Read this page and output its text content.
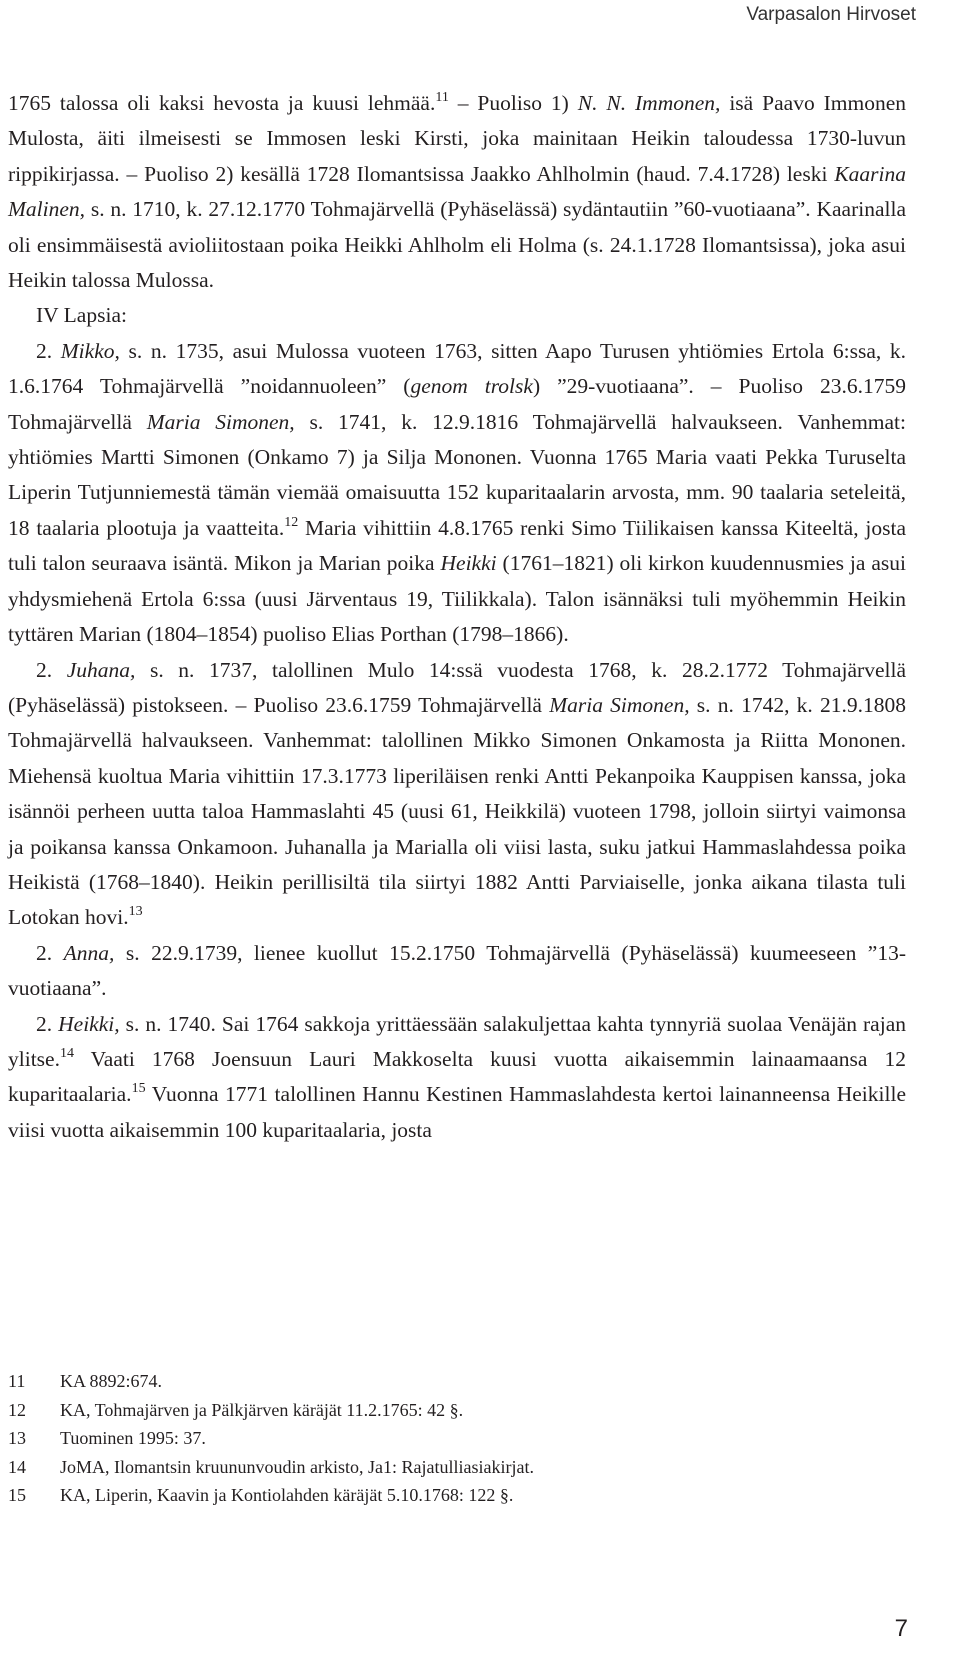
Varpasalon Hirvoset

1765 talossa oli kaksi hevosta ja kuusi lehmää.$^{11}$ – Puoliso 1) N. N. Immonen, isä Paavo Immonen Mulosta, äiti ilmeisesti se Immosen leski Kirsti, joka mainitaan Heikin taloudessa 1730-luvun rippikirjassa. – Puoliso 2) kesällä 1728 Ilomantsissa Jaakko Ahlholmin (haud. 7.4.1728) leski Kaarina Malinen, s. n. 1710, k. 27.12.1770 Tohmajärvellä (Pyhäselässä) sydäntautiin ”60-vuotiaana”. Kaarinalla oli ensimmäisestä avioliitostaan poika Heikki Ahlholm eli Holma (s. 24.1.1728 Ilomantsissa), joka asui Heikin talossa Mulossa.

IV Lapsia:

2. Mikko, s. n. 1735, asui Mulossa vuoteen 1763, sitten Aapo Turusen yhtiömies Ertola 6:ssa, k. 1.6.1764 Tohmajärvellä ”noidannuoleen” (genom trolsk) ”29-vuotiaana”. – Puoliso 23.6.1759 Tohmajärvellä Maria Simonen, s. 1741, k. 12.9.1816 Tohmajärvellä halvaukseen. Vanhemmat: yhtiömies Martti Simonen (Onkamo 7) ja Silja Mononen. Vuonna 1765 Maria vaati Pekka Turuselta Liperin Tutjunniemestä tämän viemää omaisuutta 152 kuparitaalarin arvosta, mm. 90 taalaria seteleitä, 18 taalaria plootuja ja vaatteita.$^{12}$ Maria vihittiin 4.8.1765 renki Simo Tiilikaisen kanssa Kiteeltä, josta tuli talon seuraava isäntä. Mikon ja Marian poika Heikki (1761–1821) oli kirkon kuudennusmies ja asui yhdysmiehenä Ertola 6:ssa (uusi Järventaus 19, Tiilikkala). Talon isännäksi tuli myöhemmin Heikin tyttären Marian (1804–1854) puoliso Elias Porthan (1798–1866).

2. Juhana, s. n. 1737, talollinen Mulo 14:ssä vuodesta 1768, k. 28.2.1772 Tohmajärvellä (Pyhäselässä) pistokseen. – Puoliso 23.6.1759 Tohmajärvellä Maria Simonen, s. n. 1742, k. 21.9.1808 Tohmajärvellä halvaukseen. Vanhemmat: talollinen Mikko Simonen Onkamosta ja Riitta Mononen. Miehensä kuoltua Maria vihittiin 17.3.1773 liperiläisen renki Antti Pekanpoika Kauppisen kanssa, joka isännöi perheen uutta taloa Hammaslahti 45 (uusi 61, Heikkilä) vuoteen 1798, jolloin siirtyi vaimonsa ja poikansa kanssa Onkamoon. Juhanalla ja Marialla oli viisi lasta, suku jatkui Hammaslahdessa poika Heikistä (1768–1840). Heikin perillisiltä tila siirtyi 1882 Antti Parviaiselle, jonka aikana tilasta tuli Lotokan hovi.$^{13}$

2. Anna, s. 22.9.1739, lienee kuollut 15.2.1750 Tohmajärvellä (Pyhäselässä) kuumeeseen ”13-vuotiaana”.

2. Heikki, s. n. 1740. Sai 1764 sakkoja yrittäessään salakuljettaa kahta tynnyriä suolaa Venäjän rajan ylitse.$^{14}$ Vaati 1768 Joensuun Lauri Makkoselta kuusi vuotta aikaisemmin lainaamaansa 12 kuparitaalaria.$^{15}$ Vuonna 1771 talollinen Hannu Kestinen Hammaslahdesta kertoi lainanneensa Heikille viisi vuotta aikaisemmin 100 kuparitaalaria, josta

11	KA 8892:674.
12	KA, Tohmajärven ja Pälkjärven käräjät 11.2.1765: 42 §.
13	Tuominen 1995: 37.
14	JoMA, Ilomantsin kruununvoudin arkisto, Ja1: Rajatulliasiakirjat.
15	KA, Liperin, Kaavin ja Kontiolahden käräjät 5.10.1768: 122 §.
7
